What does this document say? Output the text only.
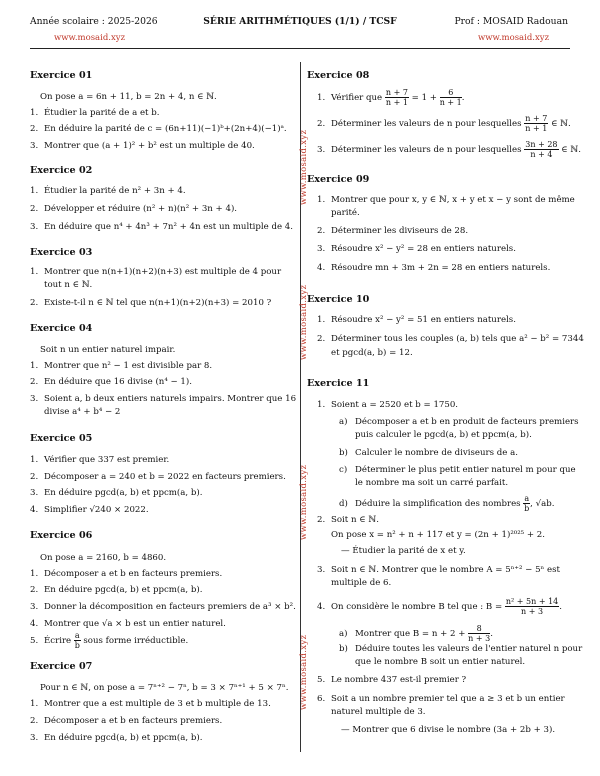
Année scolaire : 2025-2026	SÉRIE ARITHMÉTIQUES (1/1) / TCSF	Prof : MOSAID Radouan
www.mosaid.xyz	www.mosaid.xyz
www.mosaid.xyz
www.mosaid.xyz
www.mosaid.xyz
www.mosaid.xyz
Exercice 01
On pose a = 6n + 11, b = 2n + 4, n ∈ ℕ.
1. Étudier la parité de a et b.
2. En déduire la parité de c = (6n+11)(−1)ᵇ+(2n+4)(−1)ᵃ.
3. Montrer que (a + 1)² + b² est un multiple de 40.
Exercice 02
1. Étudier la parité de n² + 3n + 4.
2. Développer et réduire (n² + n)(n² + 3n + 4).
3. En déduire que n⁴ + 4n³ + 7n² + 4n est un multiple de 4.
Exercice 03
1. Montrer que n(n+1)(n+2)(n+3) est multiple de 4 pour
tout n ∈ ℕ.
2. Existe-t-il n ∈ ℕ tel que n(n+1)(n+2)(n+3) = 2010 ?
Exercice 04
Soit n un entier naturel impair.
1. Montrer que n² − 1 est divisible par 8.
2. En déduire que 16 divise (n⁴ − 1).
3. Soient a, b deux entiers naturels impairs. Montrer que 16
divise a⁴ + b⁴ − 2
Exercice 05
1. Vérifier que 337 est premier.
2. Décomposer a = 240 et b = 2022 en facteurs premiers.
3. En déduire pgcd(a, b) et ppcm(a, b).
4. Simplifier √240 × 2022.
Exercice 06
On pose a = 2160, b = 4860.
1. Décomposer a et b en facteurs premiers.
2. En déduire pgcd(a, b) et ppcm(a, b).
3. Donner la décomposition en facteurs premiers de a³ × b².
4. Montrer que √a × b est un entier naturel.
5. Écrire $\frac{a}{b}$ sous forme irréductible.
Exercice 07
Pour n ∈ ℕ, on pose a = 7ⁿ⁺² − 7ⁿ, b = 3 × 7ⁿ⁺¹ + 5 × 7ⁿ.
1. Montrer que a est multiple de 3 et b multiple de 13.
2. Décomposer a et b en facteurs premiers.
3. En déduire pgcd(a, b) et ppcm(a, b).
Exercice 08
1. Vérifier que $\frac{n + 7}{n + 1} = 1 + \frac{6}{n + 1}$ .
2. Déterminer les valeurs de n pour lesquelles $\frac{n + 7}{n + 1}$ ∈ ℕ.
3. Déterminer les valeurs de n pour lesquelles $\frac{3n + 28}{n + 4}$ ∈ ℕ.
Exercice 09
1. Montrer que pour x, y ∈ ℕ, x + y et x − y sont de même
parité.
2. Déterminer les diviseurs de 28.
3. Résoudre x² − y² = 28 en entiers naturels.
4. Résoudre mn + 3m + 2n = 28 en entiers naturels.
Exercice 10
1. Résoudre x² − y² = 51 en entiers naturels.
2. Déterminer tous les couples (a, b) tels que a² − b² = 7344
et pgcd(a, b) = 12.
Exercice 11
1. Soient a = 2520 et b = 1750.
a) Décomposer a et b en produit de facteurs premiers
puis calculer le pgcd(a, b) et ppcm(a, b).
b) Calculer le nombre de diviseurs de a.
c) Déterminer le plus petit entier naturel m pour que
le nombre ma soit un carré parfait.
d) Déduire la simplification des nombres $\frac{a}{b}$ , √ab.
2. Soit n ∈ ℕ.
On pose x = n² + n + 117 et y = (2n + 1)²⁰²⁵ + 2.
— Étudier la parité de x et y.
3. Soit n ∈ ℕ. Montrer que le nombre A = 5ⁿ⁺² − 5ⁿ est
multiple de 6.
4. On considère le nombre B tel que : $B = \frac{\text{n² + 5n + 14}}{n + 3}$ .
a) Montrer que $B = n + 2 + \frac{8}{n + 3}$ .
b) Déduire toutes les valeurs de l'entier naturel n pour
que le nombre B soit un entier naturel.
5. Le nombre 437 est-il premier ?
6. Soit a un nombre premier tel que a ≥ 3 et b un entier
naturel multiple de 3.
— Montrer que 6 divise le nombre (3a + 2b + 3).
